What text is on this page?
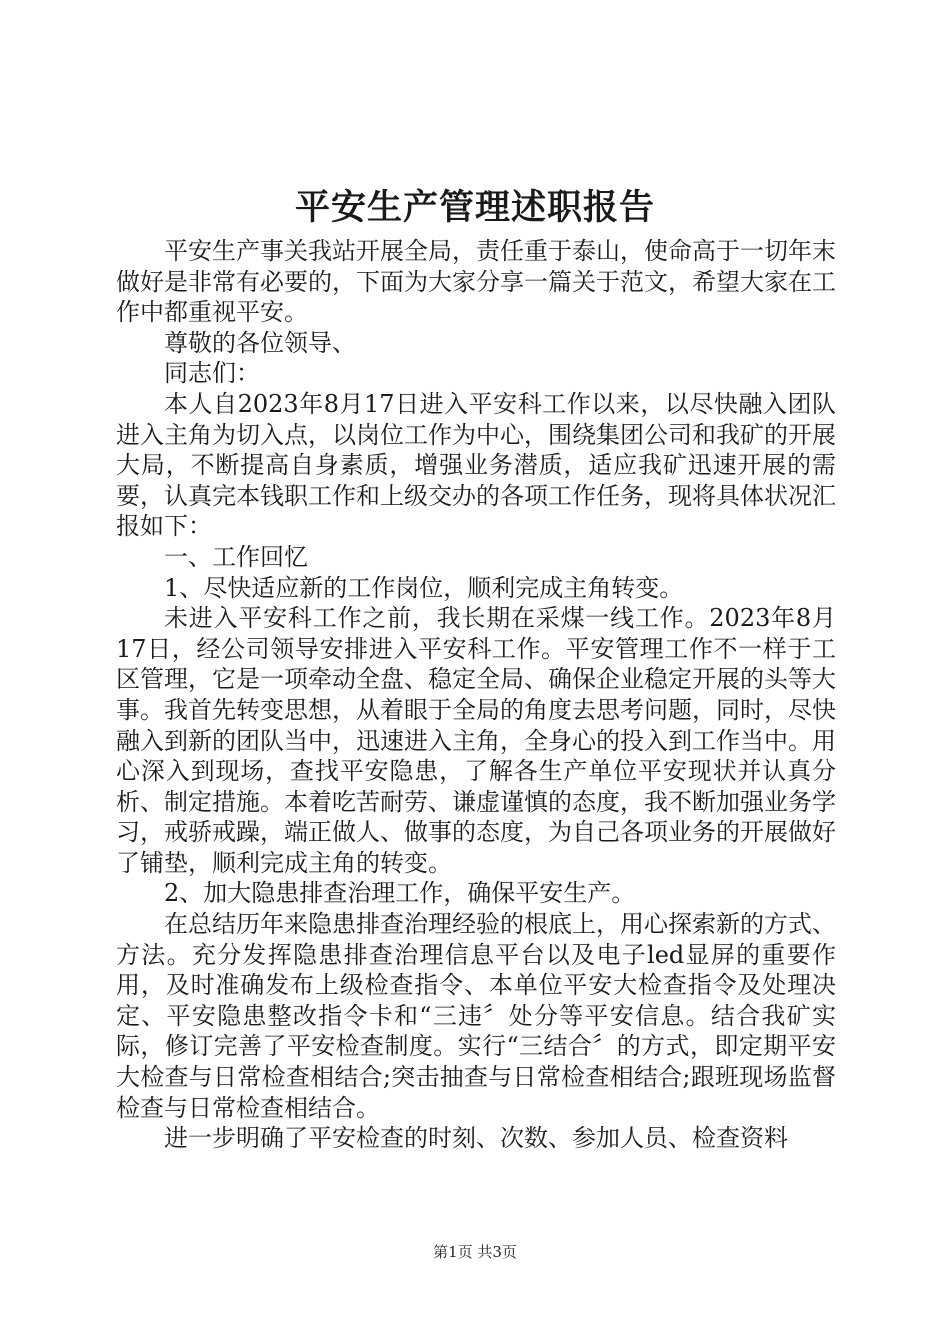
平安生产管理述职报告

平安生产事关我站开展全局，责任重于泰山，使命高于一切年末做好是非常有必要的，下面为大家分享一篇关于范文，希望大家在工作中都重视平安。

尊敬的各位领导、

同志们：

本人自2023年8月17日进入平安科工作以来，以尽快融入团队进入主角为切入点，以岗位工作为中心，围绕集团公司和我矿的开展大局，不断提高自身素质，增强业务潜质，适应我矿迅速开展的需要，认真完本钱职工作和上级交办的各项工作任务，现将具体状况汇报如下：

一、工作回忆

1、尽快适应新的工作岗位，顺利完成主角转变。

未进入平安科工作之前，我长期在采煤一线工作。2023年8月17日，经公司领导安排进入平安科工作。平安管理工作不一样于工区管理，它是一项牵动全盘、稳定全局、确保企业稳定开展的头等大事。我首先转变思想，从着眼于全局的角度去思考问题，同时，尽快融入到新的团队当中，迅速进入主角，全身心的投入到工作当中。用心深入到现场，查找平安隐患，了解各生产单位平安现状并认真分析、制定措施。本着吃苦耐劳、谦虚谨慎的态度，我不断加强业务学习，戒骄戒躁，端正做人、做事的态度，为自己各项业务的开展做好了铺垫，顺利完成主角的转变。

2、加大隐患排查治理工作，确保平安生产。

在总结历年来隐患排查治理经验的根底上，用心探索新的方式、方法。充分发挥隐患排查治理信息平台以及电子led显屏的重要作用，及时准确发布上级检查指令、本单位平安大检查指令及处理决定、平安隐患整改指令卡和“三违〞处分等平安信息。结合我矿实际，修订完善了平安检查制度。实行“三结合〞的方式，即定期平安大检查与日常检查相结合;突击抽查与日常检查相结合;跟班现场监督检查与日常检查相结合。

进一步明确了平安检查的时刻、次数、参加人员、检查资料

第1页 共3页
